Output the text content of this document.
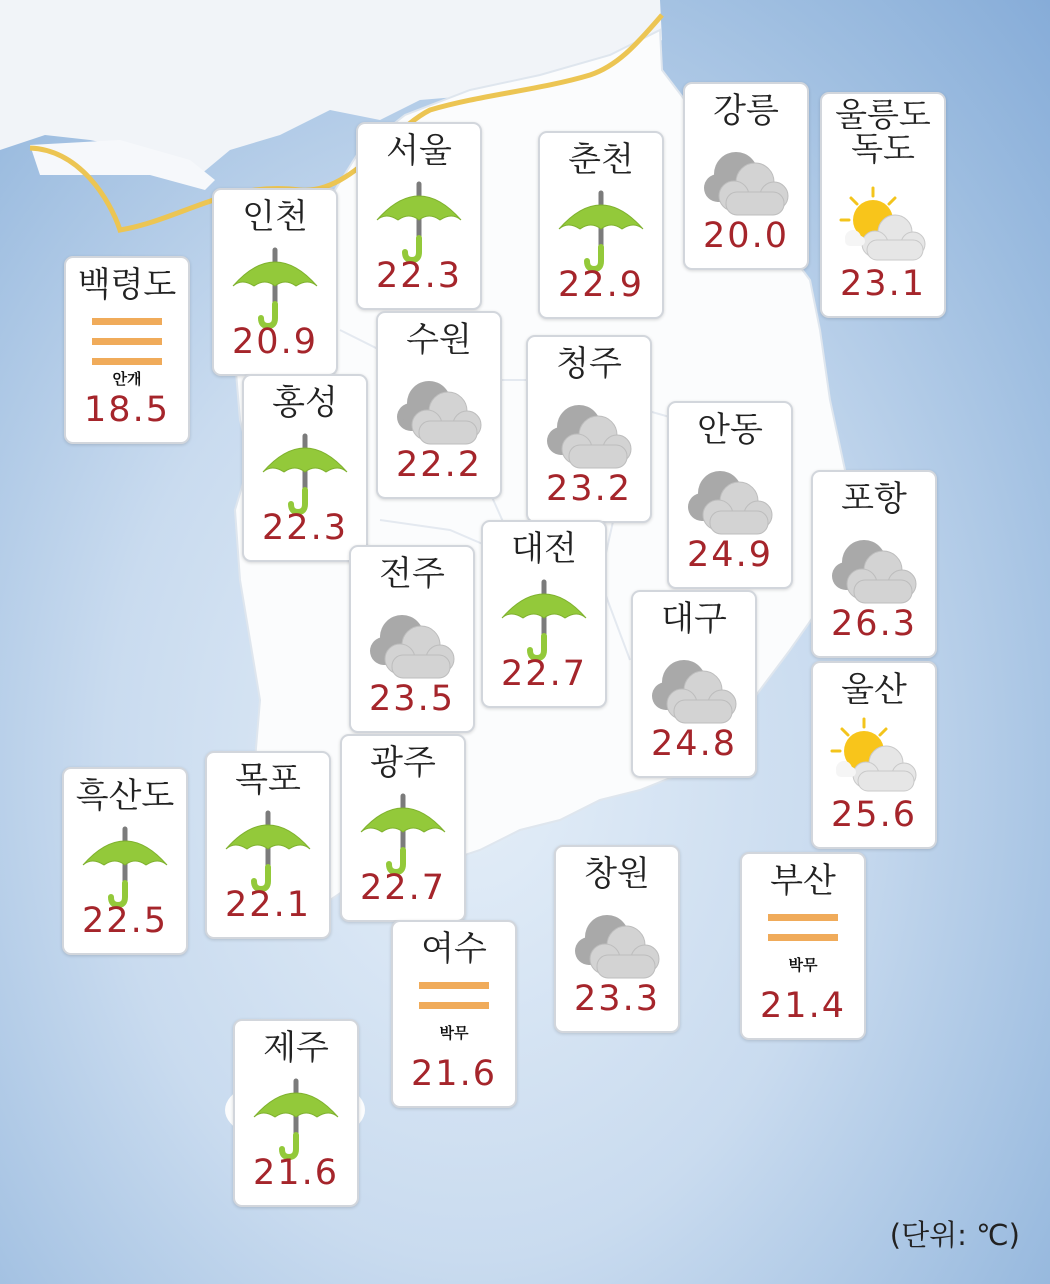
서울
22.3
인천
20.9
백령도
안개
18.5
춘천
22.9
강릉
20.0
울릉도
독도
23.1
수원
22.2
청주
23.2
홍성
22.3
안동
24.9
포항
26.3
대전
22.7
전주
23.5
대구
24.8
울산
25.6
흑산도
22.5
목포
22.1
광주
22.7	부산
박무
21.4
창원
23.3
여수
박무
21.6
제주
21.6
(단위: ℃)
